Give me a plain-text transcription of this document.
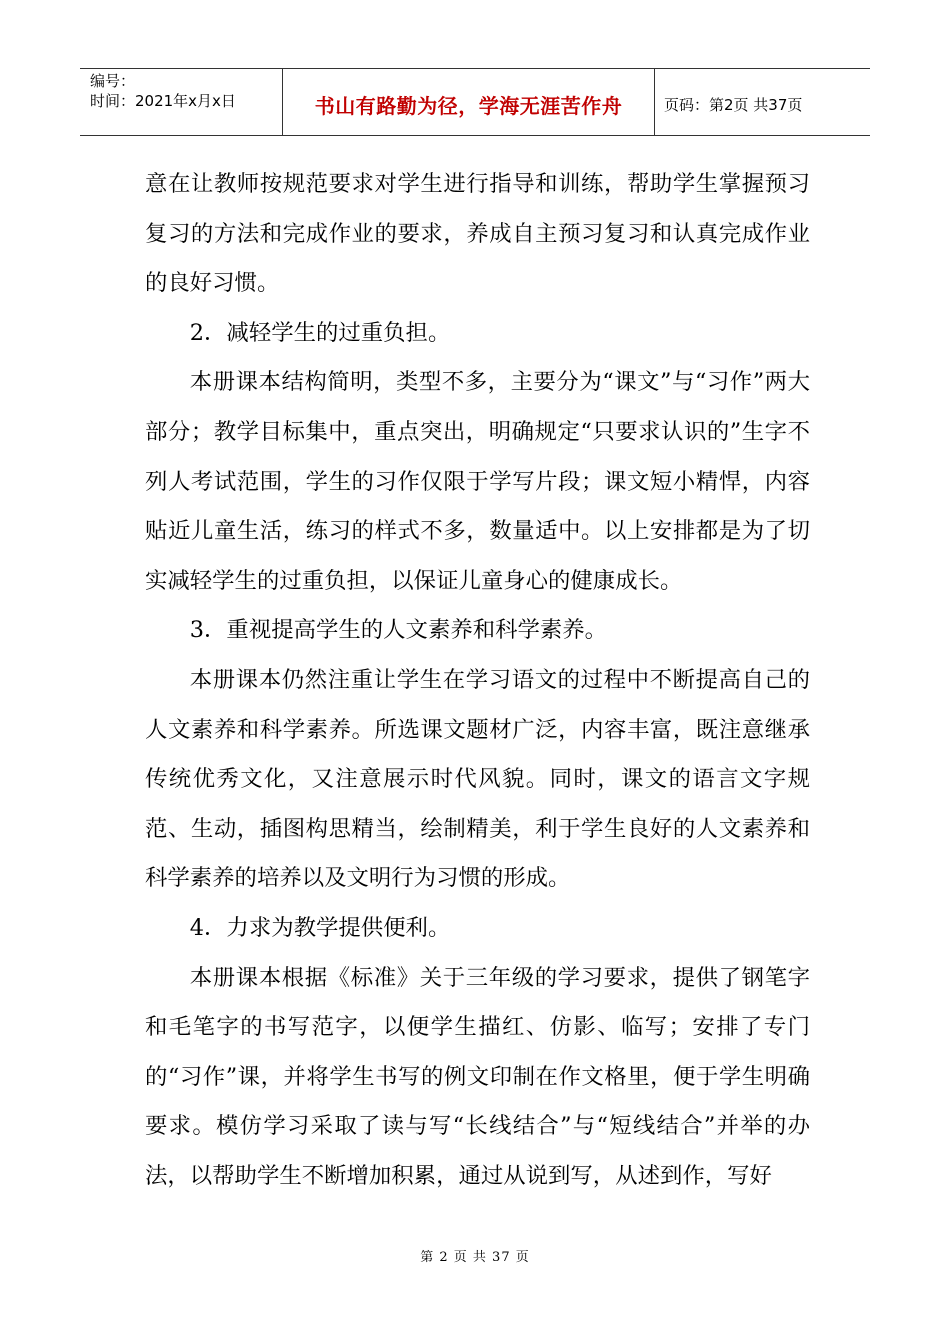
编号：
时间：2021年x月x日	书山有路勤为径，学海无涯苦作舟	页码：第2页 共37页

意在让教师按规范要求对学生进行指导和训练，帮助学生掌握预习复习的方法和完成作业的要求，养成自主预习复习和认真完成作业的良好习惯。

2．减轻学生的过重负担。

本册课本结构简明，类型不多，主要分为“课文”与“习作”两大部分；教学目标集中，重点突出，明确规定“只要求认识的”生字不列人考试范围，学生的习作仅限于学写片段；课文短小精悍，内容贴近儿童生活，练习的样式不多，数量适中。以上安排都是为了切实减轻学生的过重负担，以保证儿童身心的健康成长。

3．重视提高学生的人文素养和科学素养。

本册课本仍然注重让学生在学习语文的过程中不断提高自己的人文素养和科学素养。所选课文题材广泛，内容丰富，既注意继承传统优秀文化，又注意展示时代风貌。同时，课文的语言文字规范、生动，插图构思精当，绘制精美，利于学生良好的人文素养和科学素养的培养以及文明行为习惯的形成。

4．力求为教学提供便利。

本册课本根据《标准》关于三年级的学习要求，提供了钢笔字和毛笔字的书写范字，以便学生描红、仿影、临写；安排了专门的“习作”课，并将学生书写的例文印制在作文格里，便于学生明确要求。模仿学习采取了读与写“长线结合”与“短线结合”并举的办法，以帮助学生不断增加积累，通过从说到写，从述到作，写好

第 2 页 共 37 页
